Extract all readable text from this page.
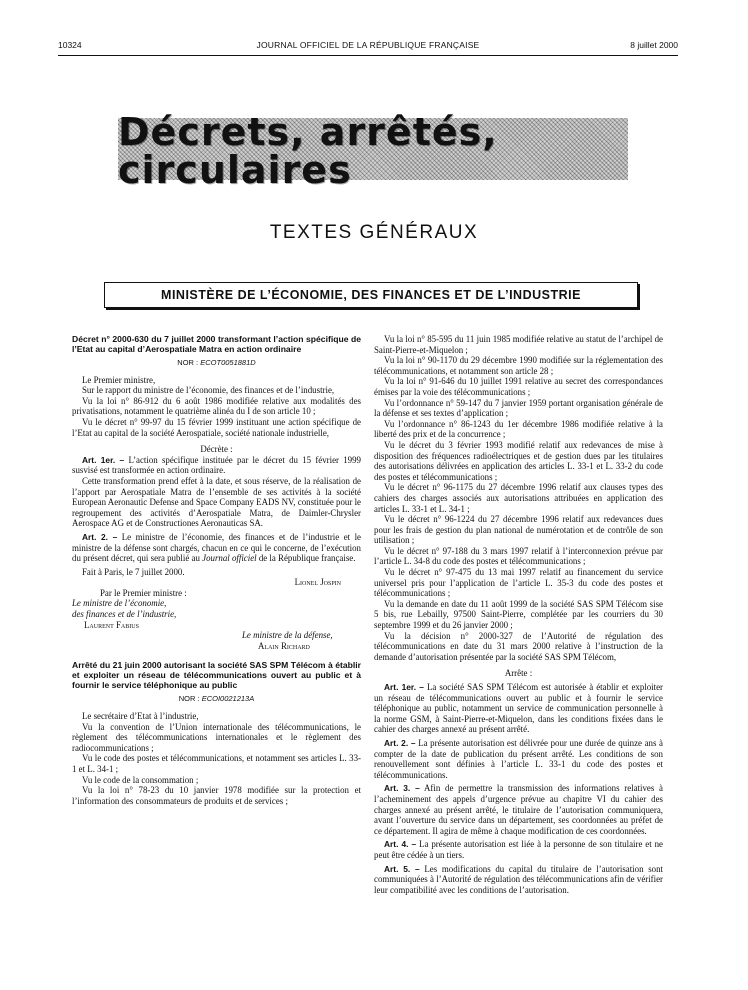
10324	JOURNAL OFFICIEL DE LA RÉPUBLIQUE FRANÇAISE	8 juillet 2000
Décrets, arrêtés, circulaires
TEXTES GÉNÉRAUX
MINISTÈRE DE L’ÉCONOMIE, DES FINANCES ET DE L’INDUSTRIE

Décret n° 2000-630 du 7 juillet 2000 transformant l’action spécifique de l’Etat au capital d’Aerospatiale Matra en action ordinaire

NOR : ECOT0051881D

Le Premier ministre,

Sur le rapport du ministre de l’économie, des finances et de l’industrie,

Vu la loi n° 86-912 du 6 août 1986 modifiée relative aux modalités des privatisations, notamment le quatrième alinéa du I de son article 10 ;

Vu le décret n° 99-97 du 15 février 1999 instituant une action spécifique de l’Etat au capital de la société Aerospatiale, société nationale industrielle,

Décrète :

Art. 1er. – L’action spécifique instituée par le décret du 15 février 1999 susvisé est transformée en action ordinaire.

Cette transformation prend effet à la date, et sous réserve, de la réalisation de l’apport par Aerospatiale Matra de l’ensemble de ses activités à la société European Aeronautic Defense and Space Company EADS NV, constituée pour le regroupement des activités d’Aerospatiale Matra, de Daimler-Chrysler Aerospace AG et de Constructiones Aeronauticas SA.

Art. 2. – Le ministre de l’économie, des finances et de l’industrie et le ministre de la défense sont chargés, chacun en ce qui le concerne, de l’exécution du présent décret, qui sera publié au Journal officiel de la République française.

Fait à Paris, le 7 juillet 2000.

Lionel Jospin

Par le Premier ministre :

Le ministre de l’économie,

des finances et de l’industrie,

Laurent Fabius

Le ministre de la défense,
Alain Richard

Arrêté du 21 juin 2000 autorisant la société SAS SPM Télécom à établir et exploiter un réseau de télécommunications ouvert au public et à fournir le service téléphonique au public

NOR : ECOI0021213A

Le secrétaire d’Etat à l’industrie,

Vu la convention de l’Union internationale des télécommunications, le règlement des télécommunications internationales et le règlement des radiocommunications ;

Vu le code des postes et télécommunications, et notamment ses articles L. 33-1 et L. 34-1 ;

Vu le code de la consommation ;

Vu la loi n° 78-23 du 10 janvier 1978 modifiée sur la protection et l’information des consommateurs de produits et de services ;

Vu la loi n° 85-595 du 11 juin 1985 modifiée relative au statut de l’archipel de Saint-Pierre-et-Miquelon ;

Vu la loi n° 90-1170 du 29 décembre 1990 modifiée sur la réglementation des télécommunications, et notamment son article 28 ;

Vu la loi n° 91-646 du 10 juillet 1991 relative au secret des correspondances émises par la voie des télécommunications ;

Vu l’ordonnance n° 59-147 du 7 janvier 1959 portant organisation générale de la défense et ses textes d’application ;

Vu l’ordonnance n° 86-1243 du 1er décembre 1986 modifiée relative à la liberté des prix et de la concurrence ;

Vu le décret du 3 février 1993 modifié relatif aux redevances de mise à disposition des fréquences radioélectriques et de gestion dues par les titulaires des autorisations délivrées en application des articles L. 33-1 et L. 33-2 du code des postes et télécommunications ;

Vu le décret n° 96-1175 du 27 décembre 1996 relatif aux clauses types des cahiers des charges associés aux autorisations attribuées en application des articles L. 33-1 et L. 34-1 ;

Vu le décret n° 96-1224 du 27 décembre 1996 relatif aux redevances dues pour les frais de gestion du plan national de numérotation et de contrôle de son utilisation ;

Vu le décret n° 97-188 du 3 mars 1997 relatif à l’interconnexion prévue par l’article L. 34-8 du code des postes et télécommunications ;

Vu le décret n° 97-475 du 13 mai 1997 relatif au financement du service universel pris pour l’application de l’article L. 35-3 du code des postes et télécommunications ;

Vu la demande en date du 11 août 1999 de la société SAS SPM Télécom sise 5 bis, rue Lebailly, 97500 Saint-Pierre, complétée par les courriers du 30 septembre 1999 et du 26 janvier 2000 ;

Vu la décision n° 2000-327 de l’Autorité de régulation des télécommunications en date du 31 mars 2000 relative à l’instruction de la demande d’autorisation présentée par la société SAS SPM Télécom,

Arrête :

Art. 1er. – La société SAS SPM Télécom est autorisée à établir et exploiter un réseau de télécommunications ouvert au public et à fournir le service téléphonique au public, notamment un service de communication personnelle à la norme GSM, à Saint-Pierre-et-Miquelon, dans les conditions fixées dans le cahier des charges annexé au présent arrêté.

Art. 2. – La présente autorisation est délivrée pour une durée de quinze ans à compter de la date de publication du présent arrêté. Les conditions de son renouvellement sont définies à l’article L. 33-1 du code des postes et télécommunications.

Art. 3. – Afin de permettre la transmission des informations relatives à l’acheminement des appels d’urgence prévue au chapitre VI du cahier des charges annexé au présent arrêté, le titulaire de l’autorisation communiquera, avant l’ouverture du service dans un département, ses coordonnées au préfet de ce département. Il agira de même à chaque modification de ces coordonnées.

Art. 4. – La présente autorisation est liée à la personne de son titulaire et ne peut être cédée à un tiers.

Art. 5. – Les modifications du capital du titulaire de l’autorisation sont communiquées à l’Autorité de régulation des télécommunications afin de vérifier leur compatibilité avec les conditions de l’autorisation.
